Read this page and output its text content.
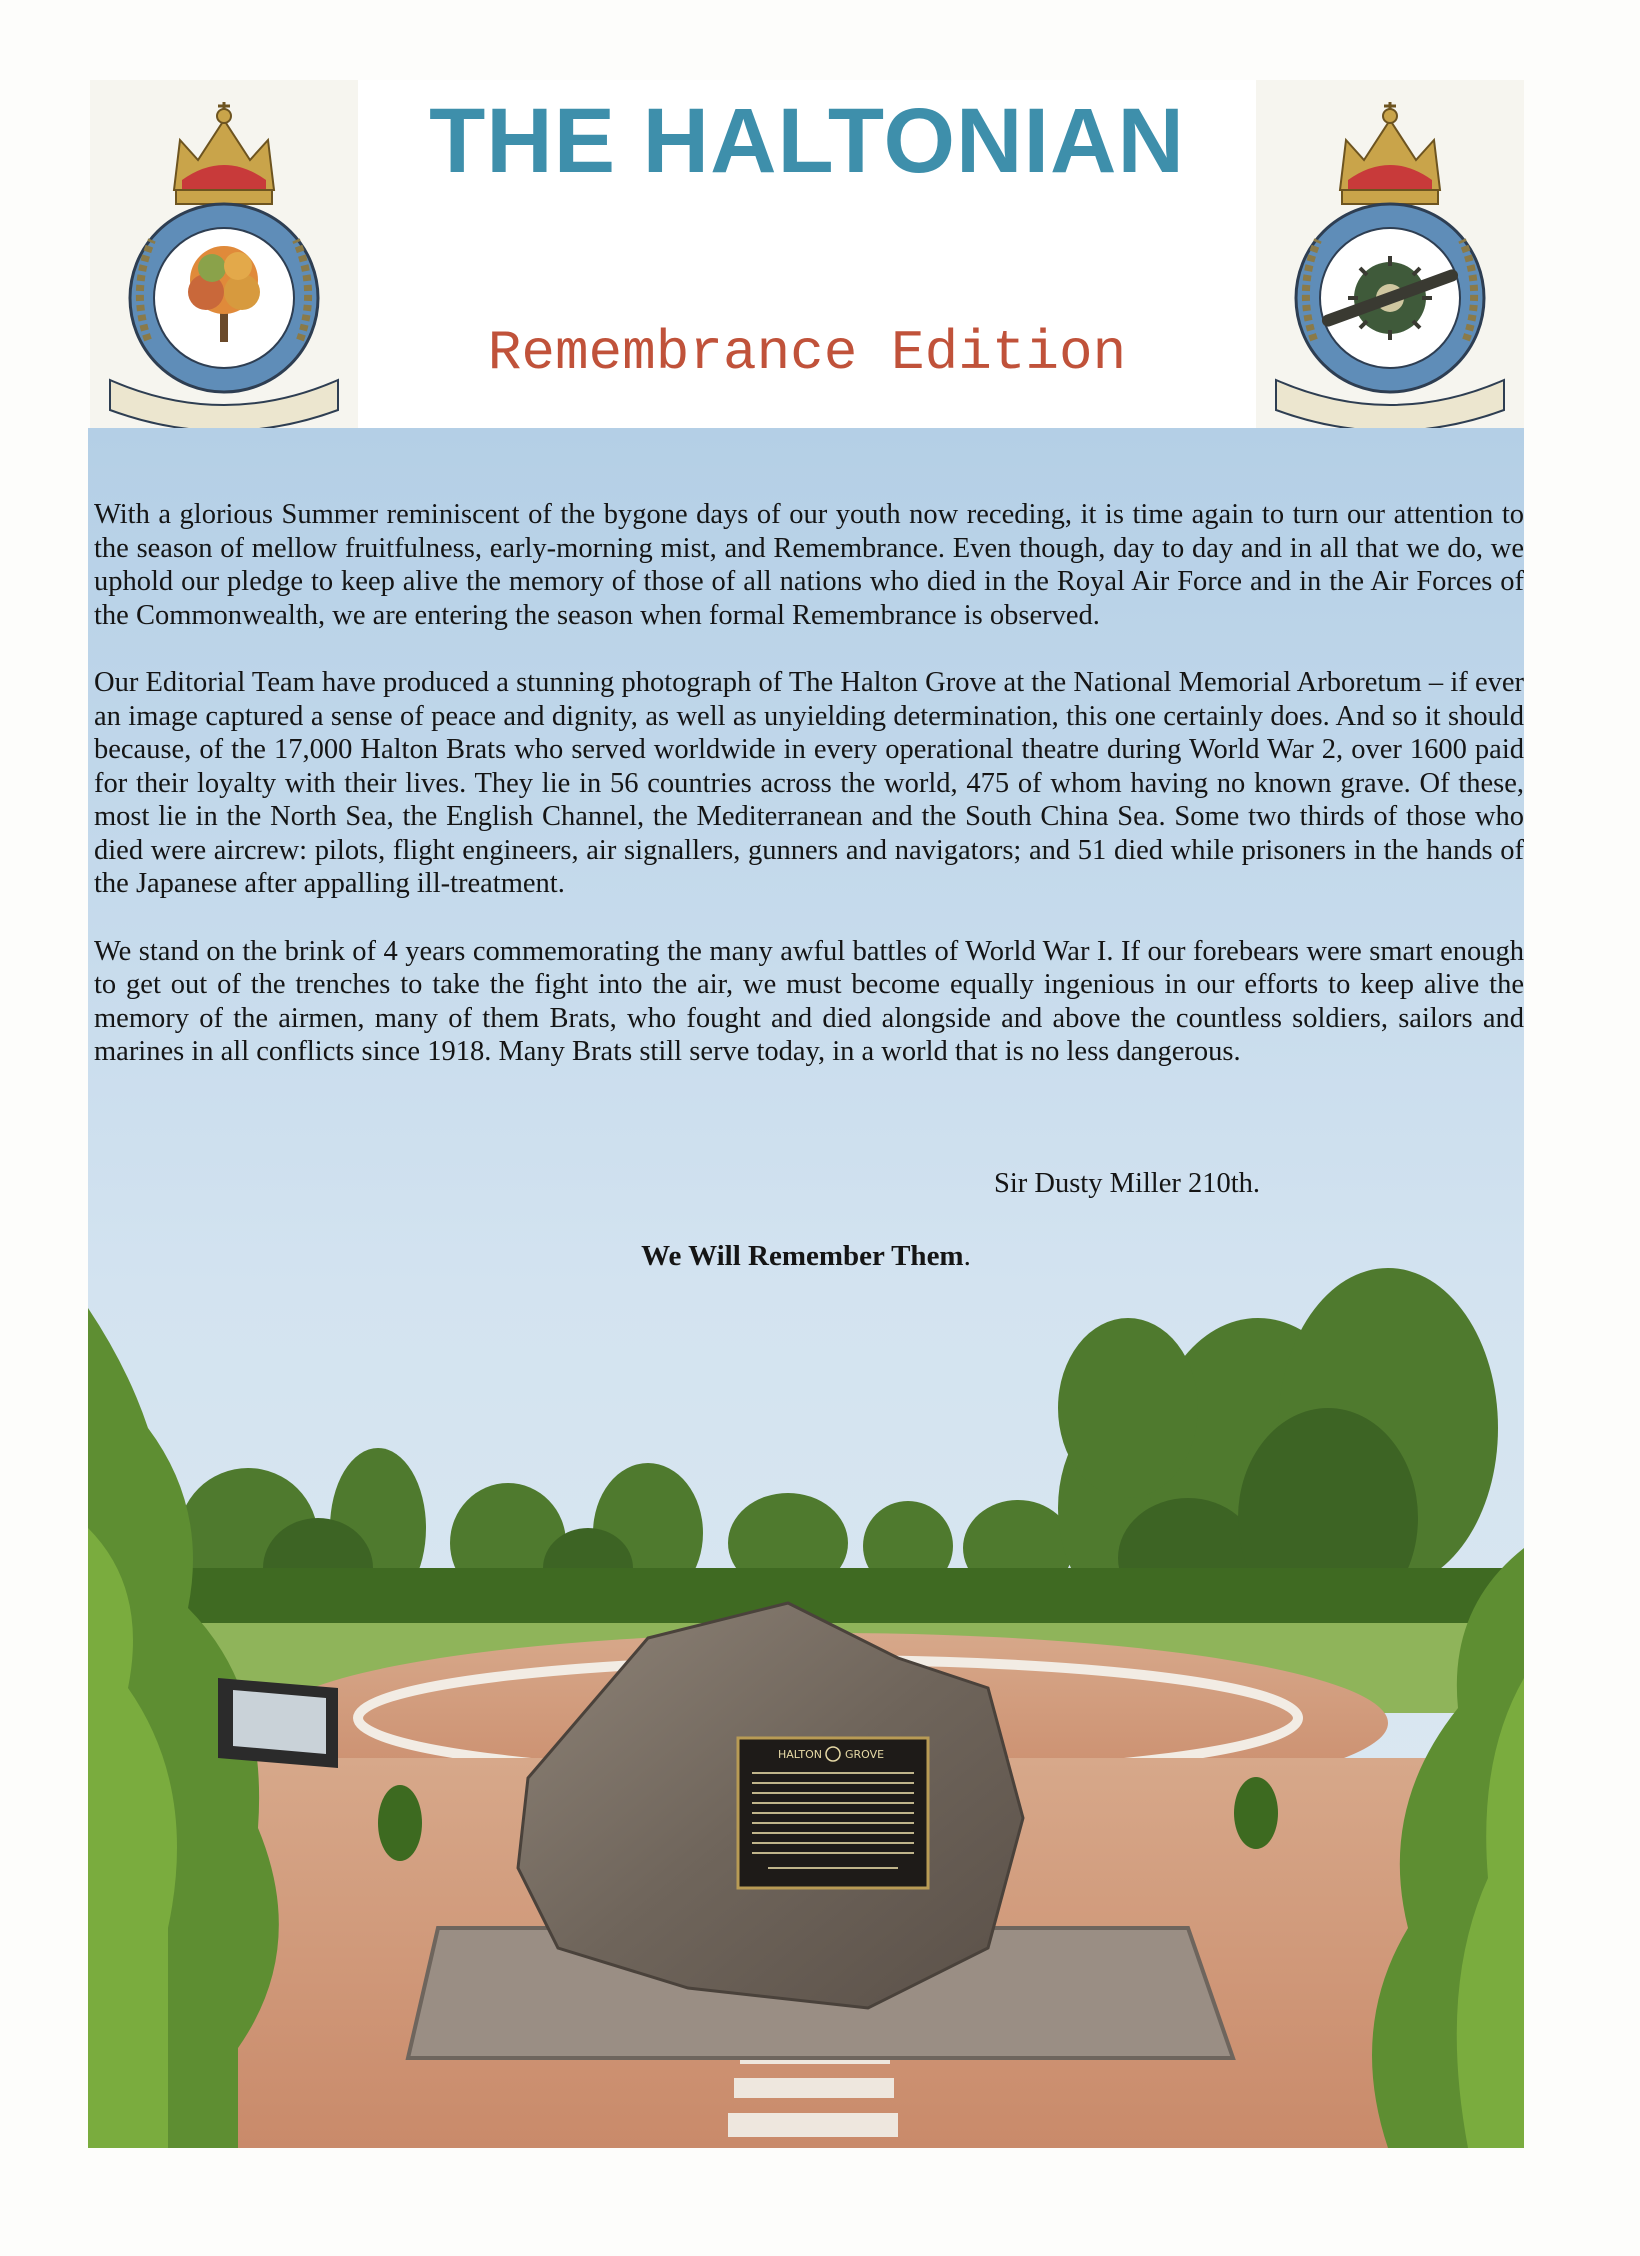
THE HALTONIAN
Remembrance Edition
HALTON GROVE

With a glorious Summer reminiscent of the bygone days of our youth now receding, it is time again to turn our attention to the season of mellow fruitfulness, early-morning mist, and Remembrance. Even though, day to day and in all that we do, we uphold our pledge to keep alive the memory of those of all nations who died in the Royal Air Force and in the Air Forces of the Commonwealth, we are entering the season when formal Remembrance is observed.

Our Editorial Team have produced a stunning photograph of The Halton Grove at the National Memorial Arboretum – if ever an image captured a sense of peace and dignity, as well as unyielding determination, this one certainly does. And so it should because, of the 17,000 Halton Brats who served worldwide in every operational theatre during World War 2, over 1600 paid for their loyalty with their lives. They lie in 56 countries across the world, 475 of whom having no known grave. Of these, most lie in the North Sea, the English Channel, the Mediterranean and the South China Sea. Some two thirds of those who died were aircrew: pilots, flight engineers, air signallers, gunners and navigators; and 51 died while prisoners in the hands of the Japanese after appalling ill-treatment.

We stand on the brink of 4 years commemorating the many awful battles of World War I. If our forebears were smart enough to get out of the trenches to take the fight into the air, we must become equally ingenious in our efforts to keep alive the memory of the airmen, many of them Brats, who fought and died alongside and above the countless soldiers, sailors and marines in all conflicts since 1918. Many Brats still serve today, in a world that is no less dangerous.

Sir Dusty Miller 210th.
We Will Remember Them.
